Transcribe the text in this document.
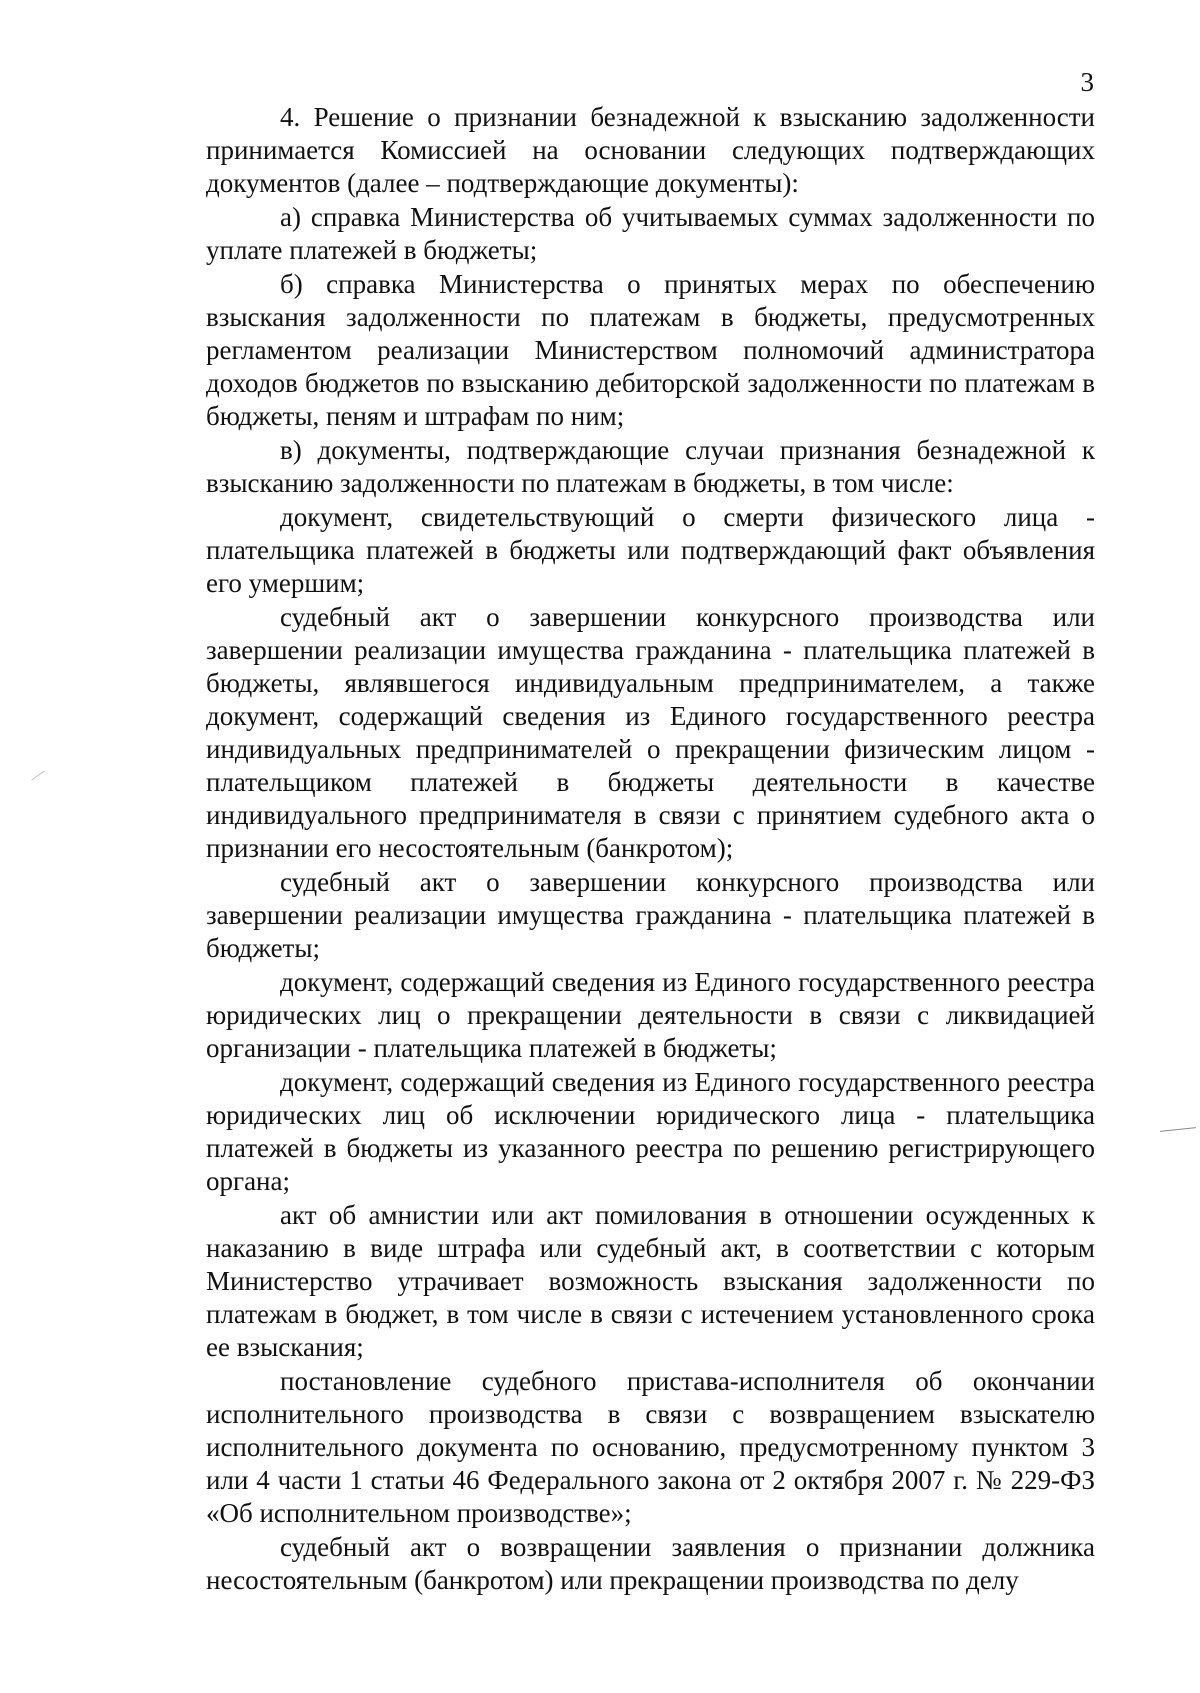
3

4. Решение о признании безнадежной к взысканию задолженности принимается Комиссией на основании следующих подтверждающих документов (далее – подтверждающие документы):

а) справка Министерства об учитываемых суммах задолженности по уплате платежей в бюджеты;

б) справка Министерства о принятых мерах по обеспечению взыскания задолженности по платежам в бюджеты, предусмотренных регламентом реализации Министерством полномочий администратора доходов бюджетов по взысканию дебиторской задолженности по платежам в бюджеты, пеням и штрафам по ним;

в) документы, подтверждающие случаи признания безнадежной к взысканию задолженности по платежам в бюджеты, в том числе:

документ, свидетельствующий о смерти физического лица - плательщика платежей в бюджеты или подтверждающий факт объявления его умершим;

судебный акт о завершении конкурсного производства или завершении реализации имущества гражданина - плательщика платежей в бюджеты, являвшегося индивидуальным предпринимателем, а также документ, содержащий сведения из Единого государственного реестра индивидуальных предпринимателей о прекращении физическим лицом - плательщиком платежей в бюджеты деятельности в качестве индивидуального предпринимателя в связи с принятием судебного акта о признании его несостоятельным (банкротом);

судебный акт о завершении конкурсного производства или завершении реализации имущества гражданина - плательщика платежей в бюджеты;

документ, содержащий сведения из Единого государственного реестра юридических лиц о прекращении деятельности в связи с ликвидацией организации - плательщика платежей в бюджеты;

документ, содержащий сведения из Единого государственного реестра юридических лиц об исключении юридического лица - плательщика платежей в бюджеты из указанного реестра по решению регистрирующего органа;

акт об амнистии или акт помилования в отношении осужденных к наказанию в виде штрафа или судебный акт, в соответствии с которым Министерство утрачивает возможность взыскания задолженности по платежам в бюджет, в том числе в связи с истечением установленного срока ее взыскания;

постановление судебного пристава-исполнителя об окончании исполнительного производства в связи с возвращением взыскателю исполнительного документа по основанию, предусмотренному пунктом 3 или 4 части 1 статьи 46 Федерального закона от 2 октября 2007 г. № 229-ФЗ «Об исполнительном производстве»;

судебный акт о возвращении заявления о признании должника несостоятельным (банкротом) или прекращении производства по делу
